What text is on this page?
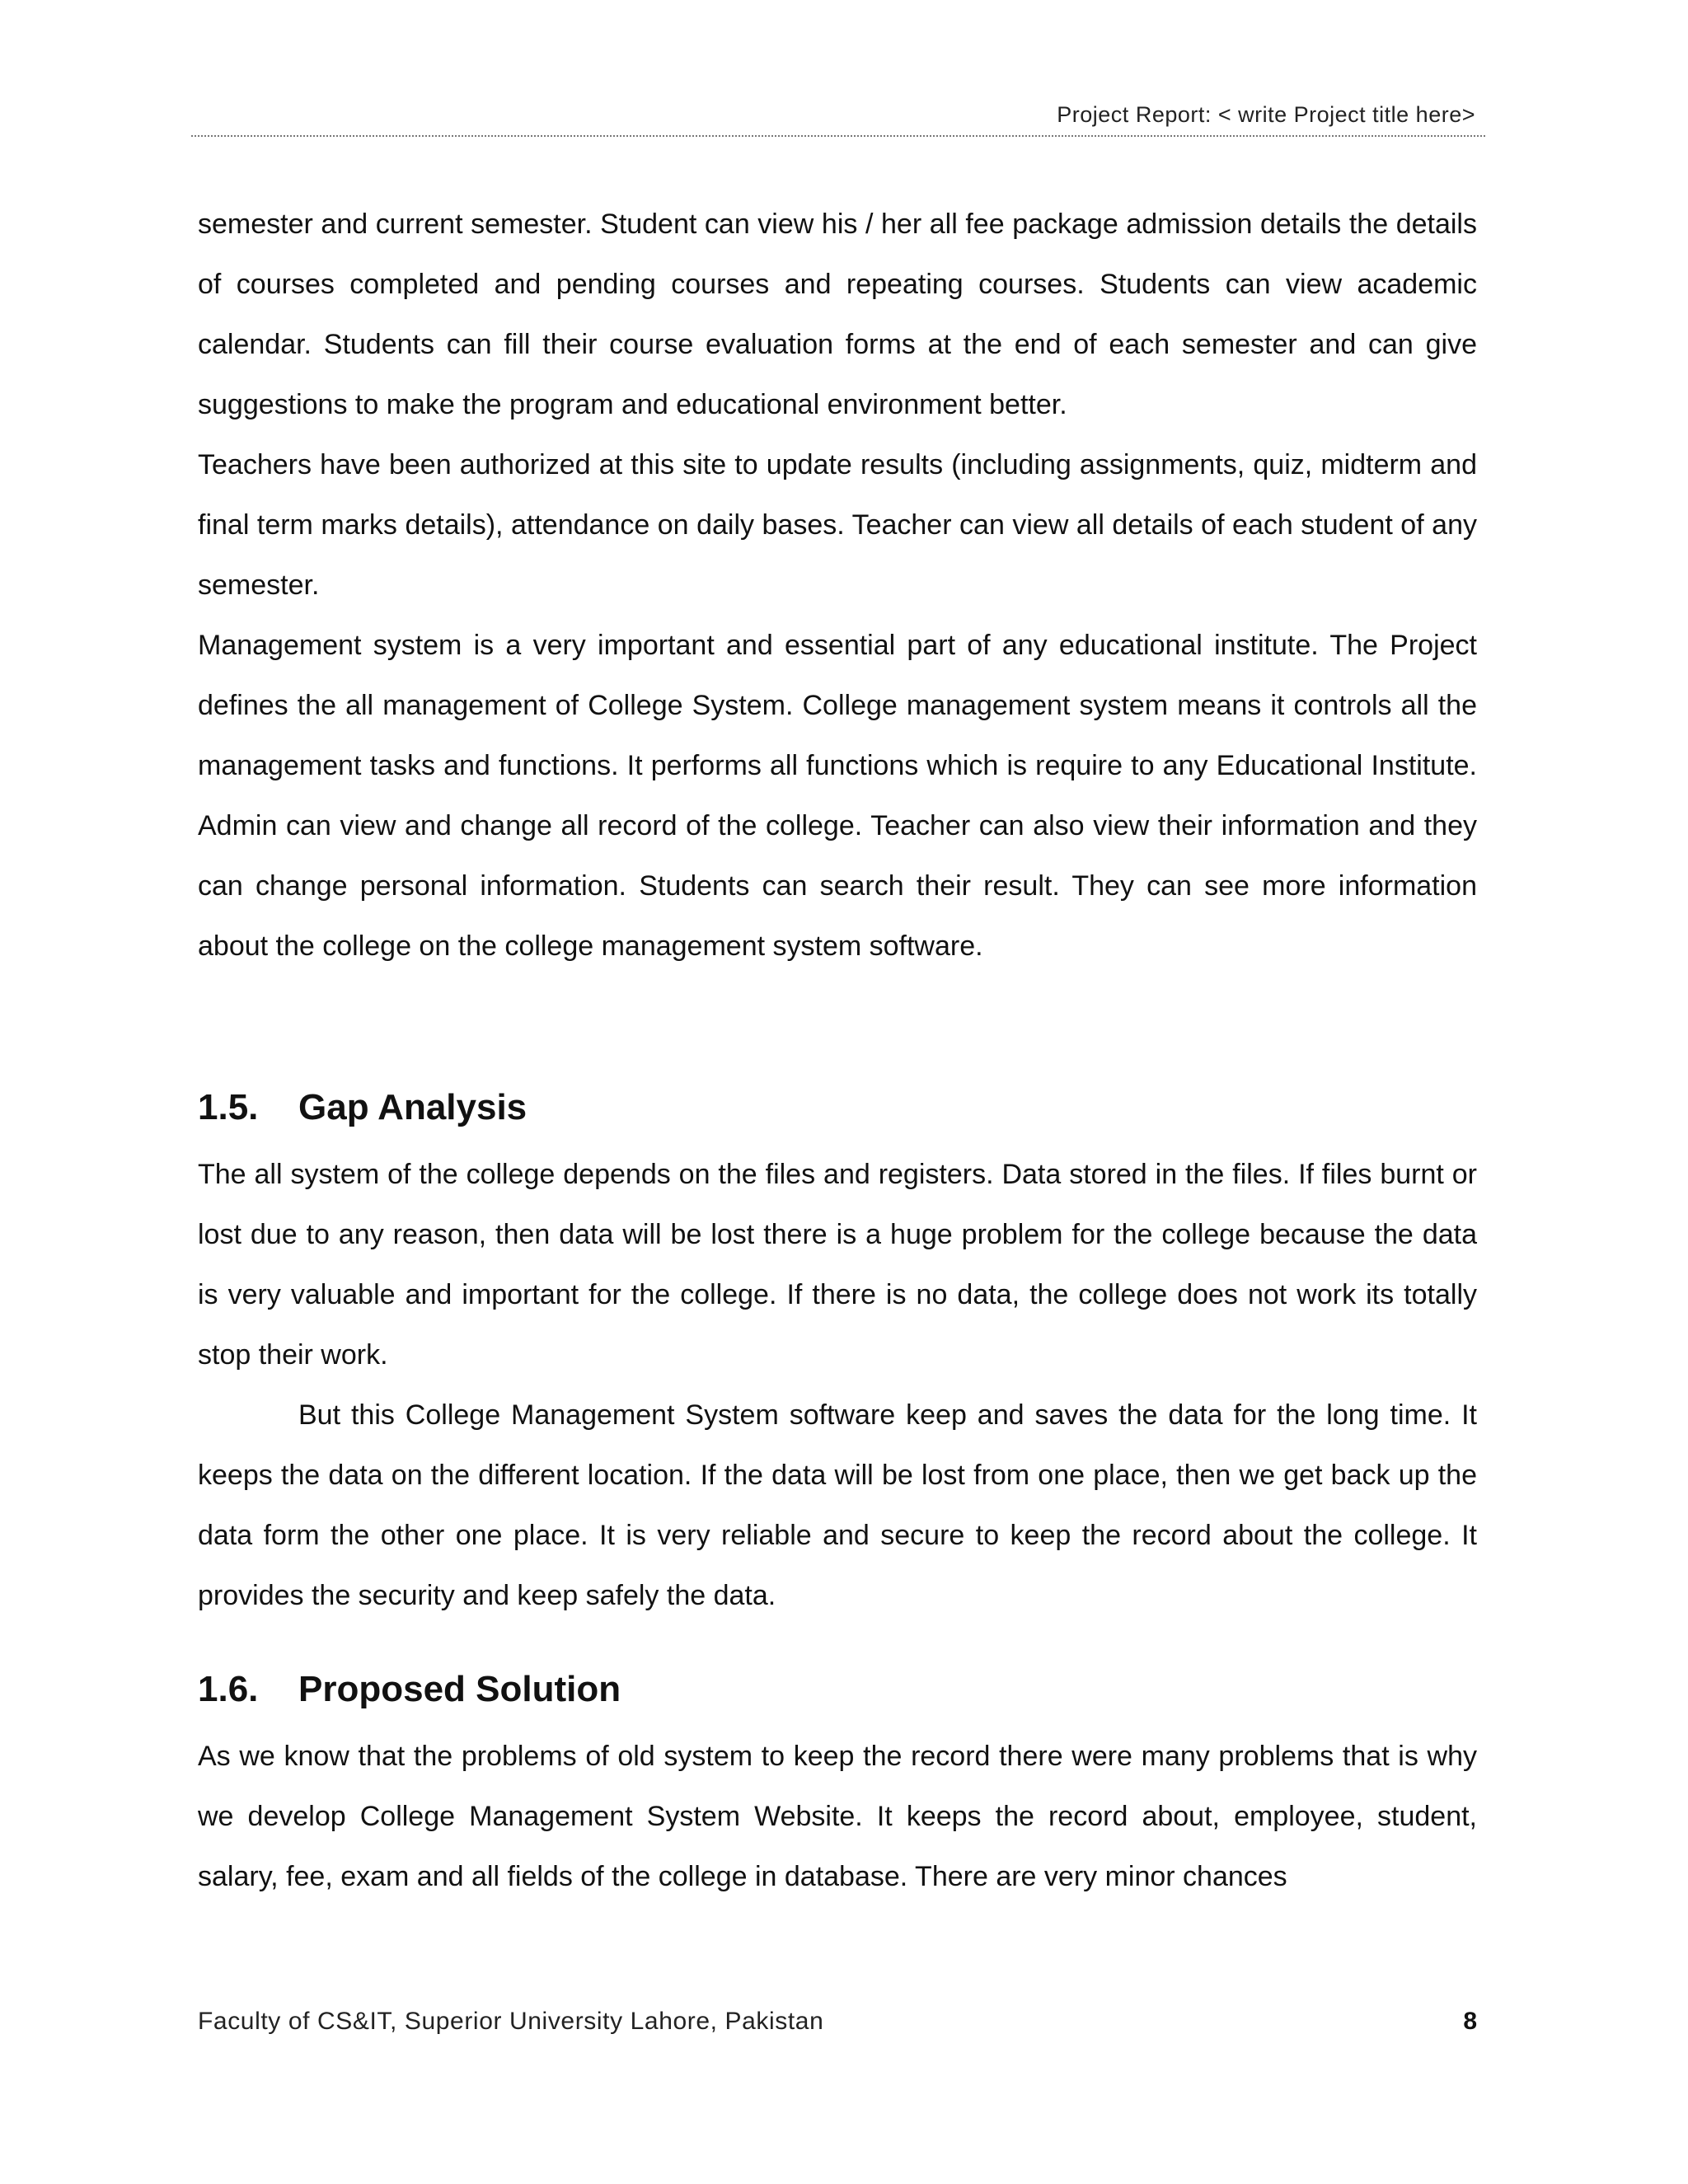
Project Report: < write Project title here>

semester and current semester. Student can view his / her all fee package admission details the details of courses completed and pending courses and repeating courses. Students can view academic calendar. Students can fill their course evaluation forms at the end of each semester and can give suggestions to make the program and educational environment better.

Teachers have been authorized at this site to update results (including assignments, quiz, midterm and final term marks details), attendance on daily bases. Teacher can view all details of each student of any semester.

Management system is a very important and essential part of any educational institute. The Project defines the all management of College System. College management system means it controls all the management tasks and functions. It performs all functions which is require to any Educational Institute. Admin can view and change all record of the college. Teacher can also view their information and they can change personal information. Students can search their result. They can see more information about the college on the college management system software.

1.5.	Gap Analysis

The all system of the college depends on the files and registers. Data stored in the files. If files burnt or lost due to any reason, then data will be lost there is a huge problem for the college because the data is very valuable and important for the college. If there is no data, the college does not work its totally stop their work.

But this College Management System software keep and saves the data for the long time. It keeps the data on the different location. If the data will be lost from one place, then we get back up the data form the other one place. It is very reliable and secure to keep the record about the college. It provides the security and keep safely the data.

1.6.	Proposed Solution

As we know that the problems of old system to keep the record there were many problems that is why we develop College Management System Website. It keeps the record about, employee, student, salary, fee, exam and all fields of the college in database. There are very minor chances

Faculty of CS&IT, Superior University Lahore, Pakistan	8
